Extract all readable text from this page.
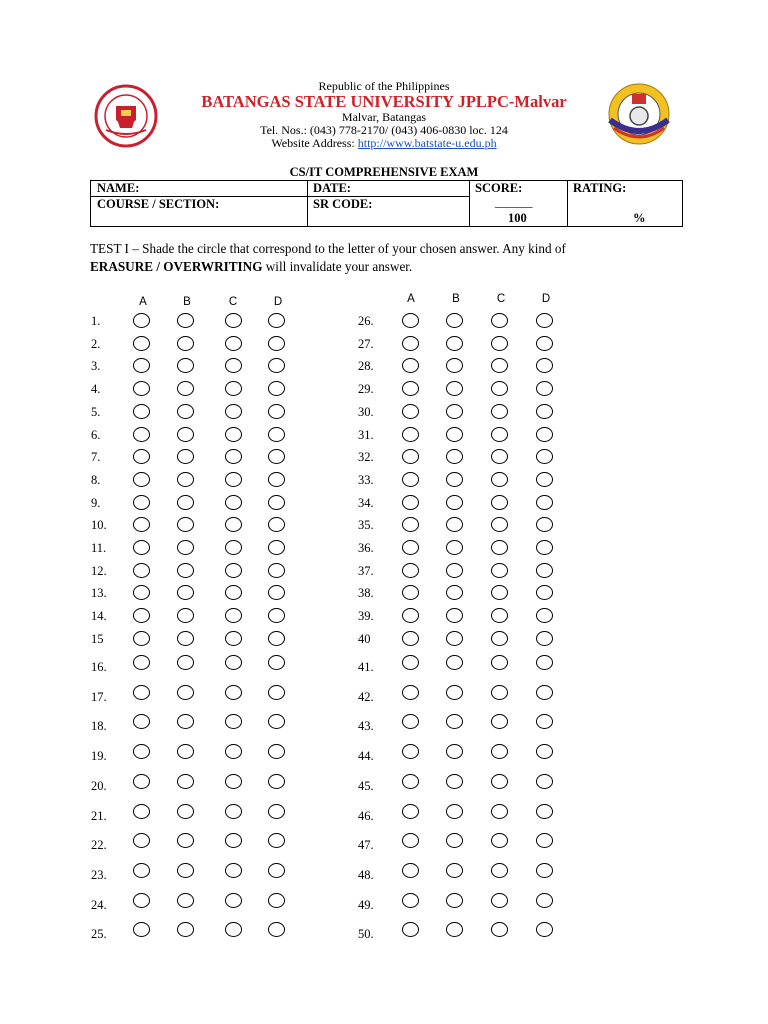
Republic of the Philippines
BATANGAS STATE UNIVERSITY JPLPC-Malvar
Malvar, Batangas
Tel. Nos.: (043) 778-2170/ (043) 406-0830 loc. 124
Website Address: http://www.batstate-u.edu.ph
CS/IT COMPREHENSIVE EXAM
NAME:
COURSE / SECTION:
DATE:
SR CODE:
SCORE:
______
100
RATING:
%
TEST I – Shade the circle that correspond to the letter of your chosen answer. Any kind of
ERASURE / OVERWRITING will invalidate your answer.
A	B	C	D
1.
2.
3.
4.
5.
6.
7.
8.
9.
10.
11.
12.
13.
14.
15
16.
17.
18.
19.
20.
21.
22.
23.
24.
25.
A	B	C	D
26.
27.
28.
29.
30.
31.
32.
33.
34.
35.
36.
37.
38.
39.
40
41.
42.
43.
44.
45.
46.
47.
48.
49.
50.
